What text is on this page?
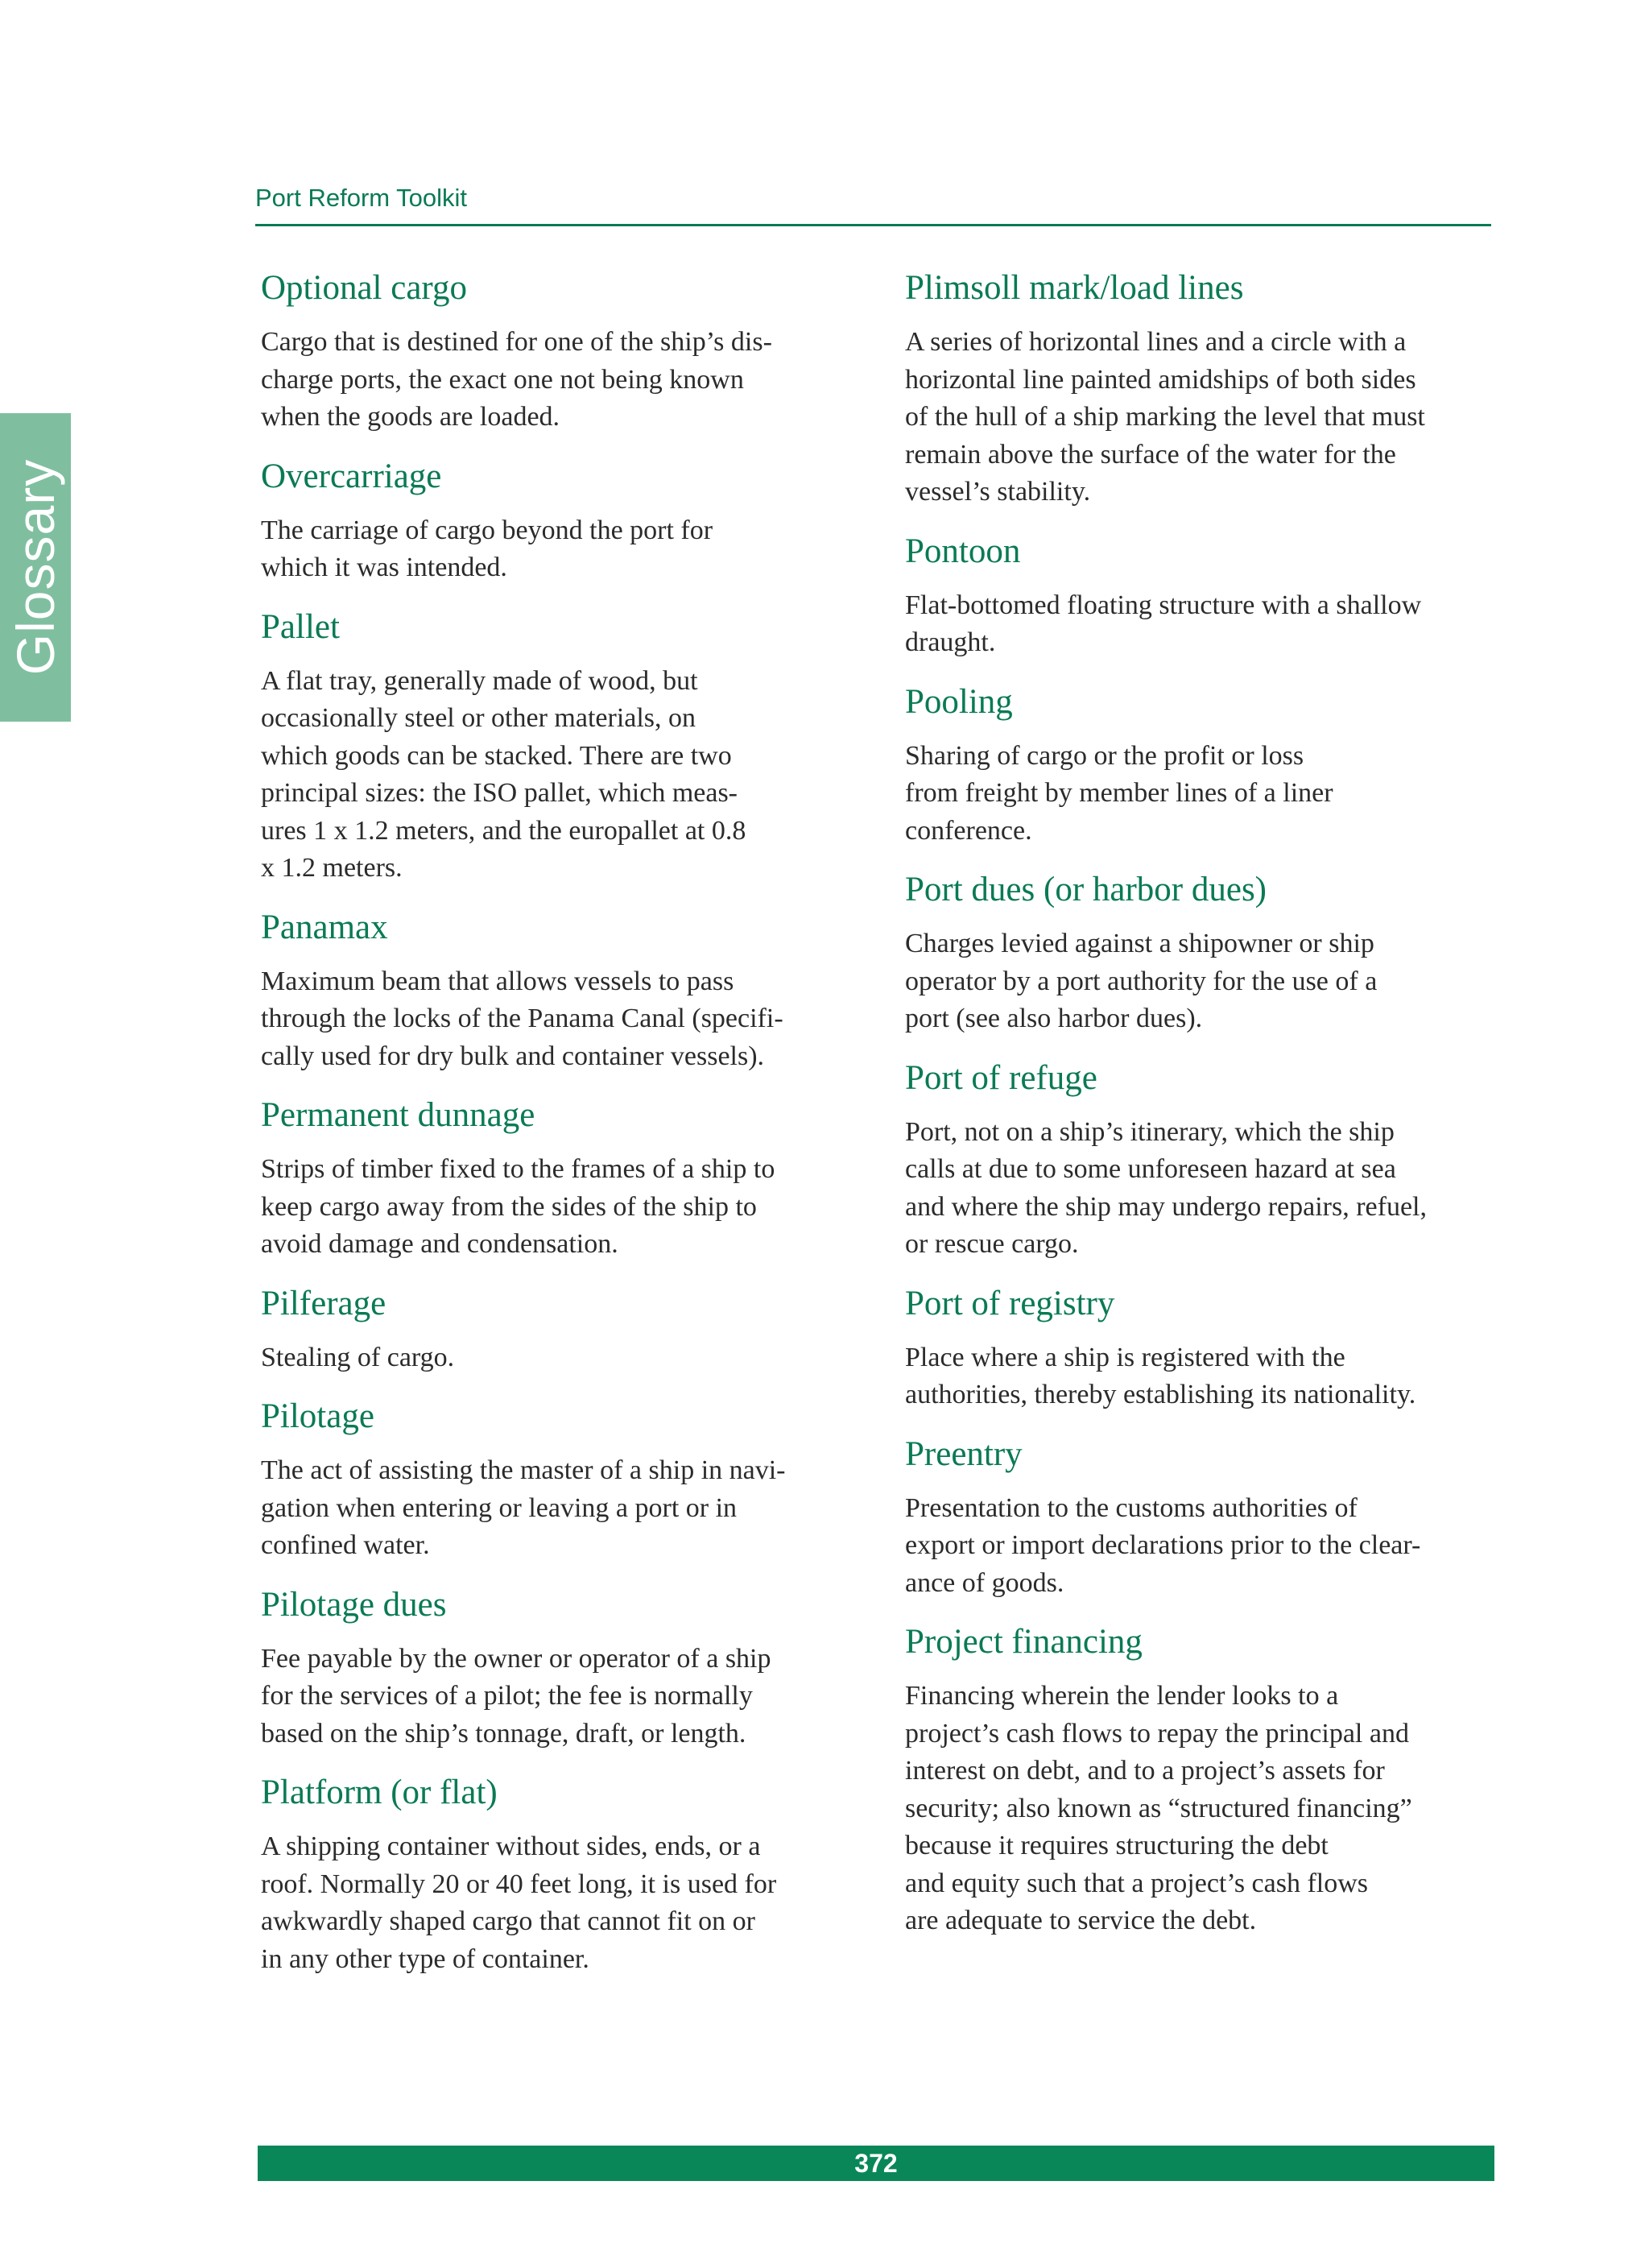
Port Reform Toolkit
Glossary
Optional cargo

Cargo that is destined for one of the ship’s dis-
charge ports, the exact one not being known
when the goods are loaded.

Overcarriage

The carriage of cargo beyond the port for
which it was intended.

Pallet

A flat tray, generally made of wood, but
occasionally steel or other materials, on
which goods can be stacked. There are two
principal sizes: the ISO pallet, which meas-
ures 1 x 1.2 meters, and the europallet at 0.8
x 1.2 meters.

Panamax

Maximum beam that allows vessels to pass
through the locks of the Panama Canal (specifi-
cally used for dry bulk and container vessels).

Permanent dunnage

Strips of timber fixed to the frames of a ship to
keep cargo away from the sides of the ship to
avoid damage and condensation.

Pilferage

Stealing of cargo.

Pilotage

The act of assisting the master of a ship in navi-
gation when entering or leaving a port or in
confined water.

Pilotage dues

Fee payable by the owner or operator of a ship
for the services of a pilot; the fee is normally
based on the ship’s tonnage, draft, or length.

Platform (or flat)

A shipping container without sides, ends, or a
roof. Normally 20 or 40 feet long, it is used for
awkwardly shaped cargo that cannot fit on or
in any other type of container.

Plimsoll mark/load lines

A series of horizontal lines and a circle with a
horizontal line painted amidships of both sides
of the hull of a ship marking the level that must
remain above the surface of the water for the
vessel’s stability.

Pontoon

Flat-bottomed floating structure with a shallow
draught.

Pooling

Sharing of cargo or the profit or loss
from freight by member lines of a liner
conference.

Port dues (or harbor dues)

Charges levied against a shipowner or ship
operator by a port authority for the use of a
port (see also harbor dues).

Port of refuge

Port, not on a ship’s itinerary, which the ship
calls at due to some unforeseen hazard at sea
and where the ship may undergo repairs, refuel,
or rescue cargo.

Port of registry

Place where a ship is registered with the
authorities, thereby establishing its nationality.

Preentry

Presentation to the customs authorities of
export or import declarations prior to the clear-
ance of goods.

Project financing

Financing wherein the lender looks to a
project’s cash flows to repay the principal and
interest on debt, and to a project’s assets for
security; also known as “structured financing”
because it requires structuring the debt
and equity such that a project’s cash flows
are adequate to service the debt.

372
